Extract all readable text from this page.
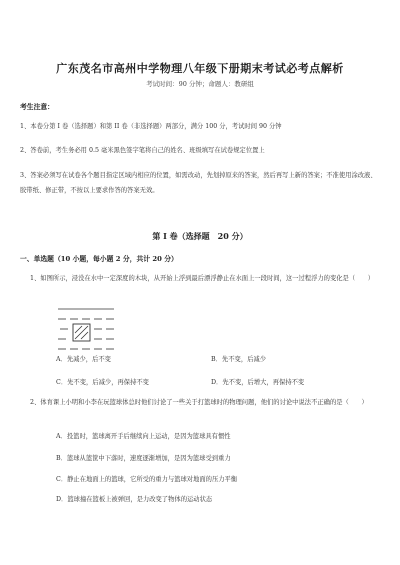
广东茂名市高州中学物理八年级下册期末考试必考点解析
考试时间：90 分钟；命题人：教研组
考生注意：
1、本卷分第 I 卷（选择题）和第 II 卷（非选择题）两部分，满分 100 分，考试时间 90 分钟
2、答卷前，考生务必用 0.5 毫米黑色签字笔将自己的姓名、班级填写在试卷规定位置上
3、答案必须写在试卷各个题目指定区域内相应的位置，如需改动，先划掉原来的答案，然后再写上新的答案；不准使用涂改液、胶带纸、修正带，不按以上要求作答的答案无效。
第 I 卷（选择题　20 分）
一、单选题（10 小题，每小题 2 分，共计 20 分）
1、如图所示，浸没在水中一定深度的木块，从开始上浮到最后漂浮静止在水面上一段时间，这一过程浮力的变化是（　　）
A．先减少，后不变	B．先不变，后减少
C．先不变，后减少，再保持不变	D．先不变，后增大，再保持不变
2、体育课上小明和小李在玩篮球体总时他们讨论了一些关于打篮球时的物理问题，他们的讨论中说法不正确的是（　　）
A．投篮时，篮球离开手后继续向上运动，是因为篮球具有惯性
B．篮球从篮筐中下落时，速度逐渐增加，是因为篮球受到重力
C．静止在地面上的篮球，它所受的重力与篮球对地面的压力平衡
D．篮球撞在篮板上被弹回，是力改变了物体的运动状态
